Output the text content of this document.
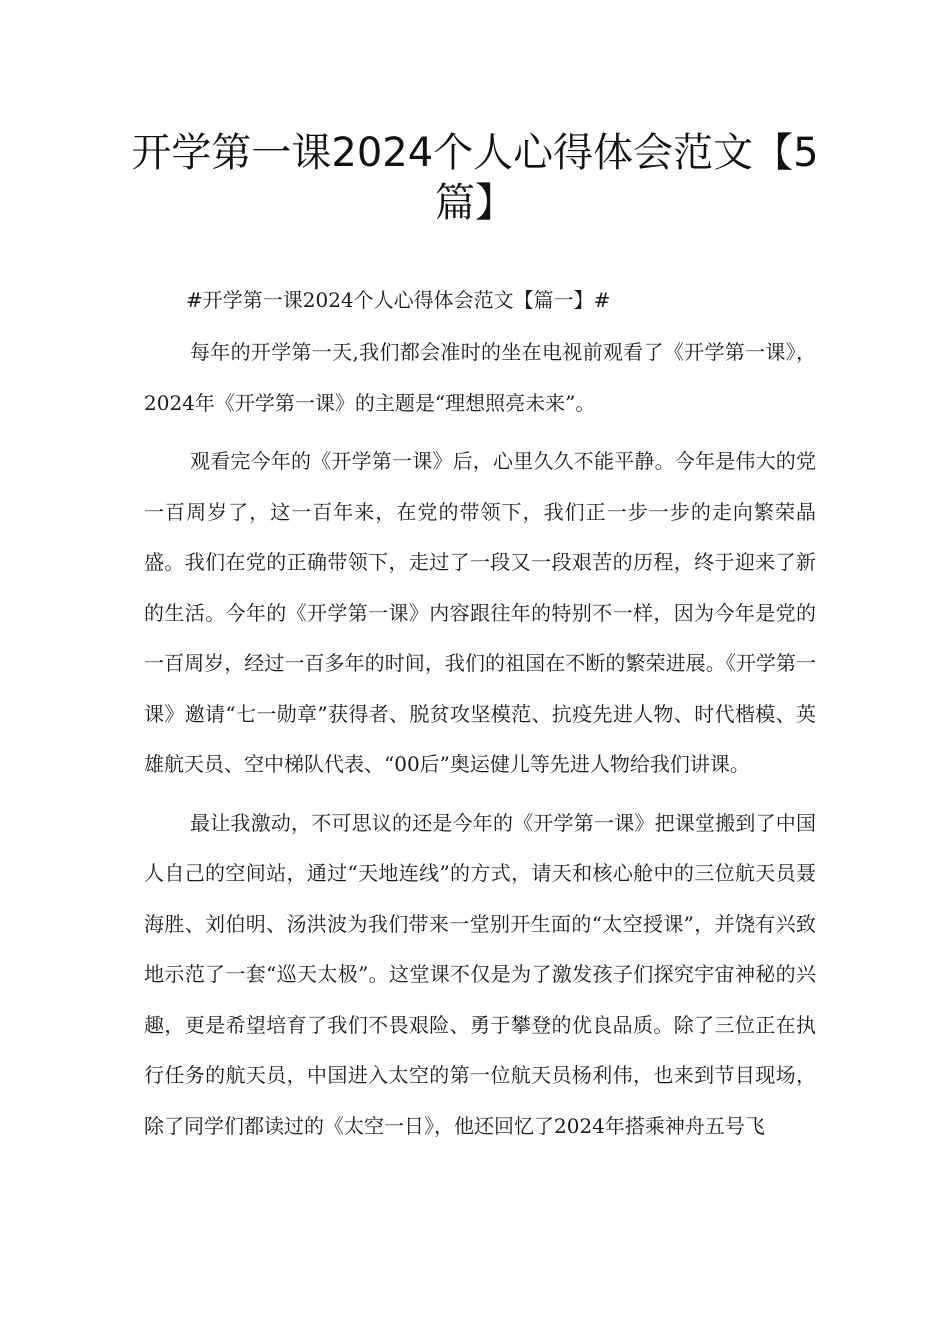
开学第一课2024个人心得体会范文【5篇】

#开学第一课2024个人心得体会范文【篇一】#

每年的开学第一天,我们都会准时的坐在电视前观看了《开学第一课》，2024年《开学第一课》的主题是“理想照亮未来”。

观看完今年的《开学第一课》后，心里久久不能平静。今年是伟大的党一百周岁了，这一百年来，在党的带领下，我们正一步一步的走向繁荣晶盛。我们在党的正确带领下，走过了一段又一段艰苦的历程，终于迎来了新的生活。今年的《开学第一课》内容跟往年的特别不一样，因为今年是党的一百周岁，经过一百多年的时间，我们的祖国在不断的繁荣进展。《开学第一课》邀请“七一勋章”获得者、脱贫攻坚模范、抗疫先进人物、时代楷模、英雄航天员、空中梯队代表、“00后”奥运健儿等先进人物给我们讲课。

最让我激动，不可思议的还是今年的《开学第一课》把课堂搬到了中国人自己的空间站，通过“天地连线”的方式，请天和核心舱中的三位航天员聂海胜、刘伯明、汤洪波为我们带来一堂别开生面的“太空授课”，并饶有兴致地示范了一套“巡天太极”。这堂课不仅是为了激发孩子们探究宇宙神秘的兴趣，更是希望培育了我们不畏艰险、勇于攀登的优良品质。除了三位正在执行任务的航天员，中国进入太空的第一位航天员杨利伟，也来到节目现场，除了同学们都读过的《太空一日》，他还回忆了2024年搭乘神舟五号飞
